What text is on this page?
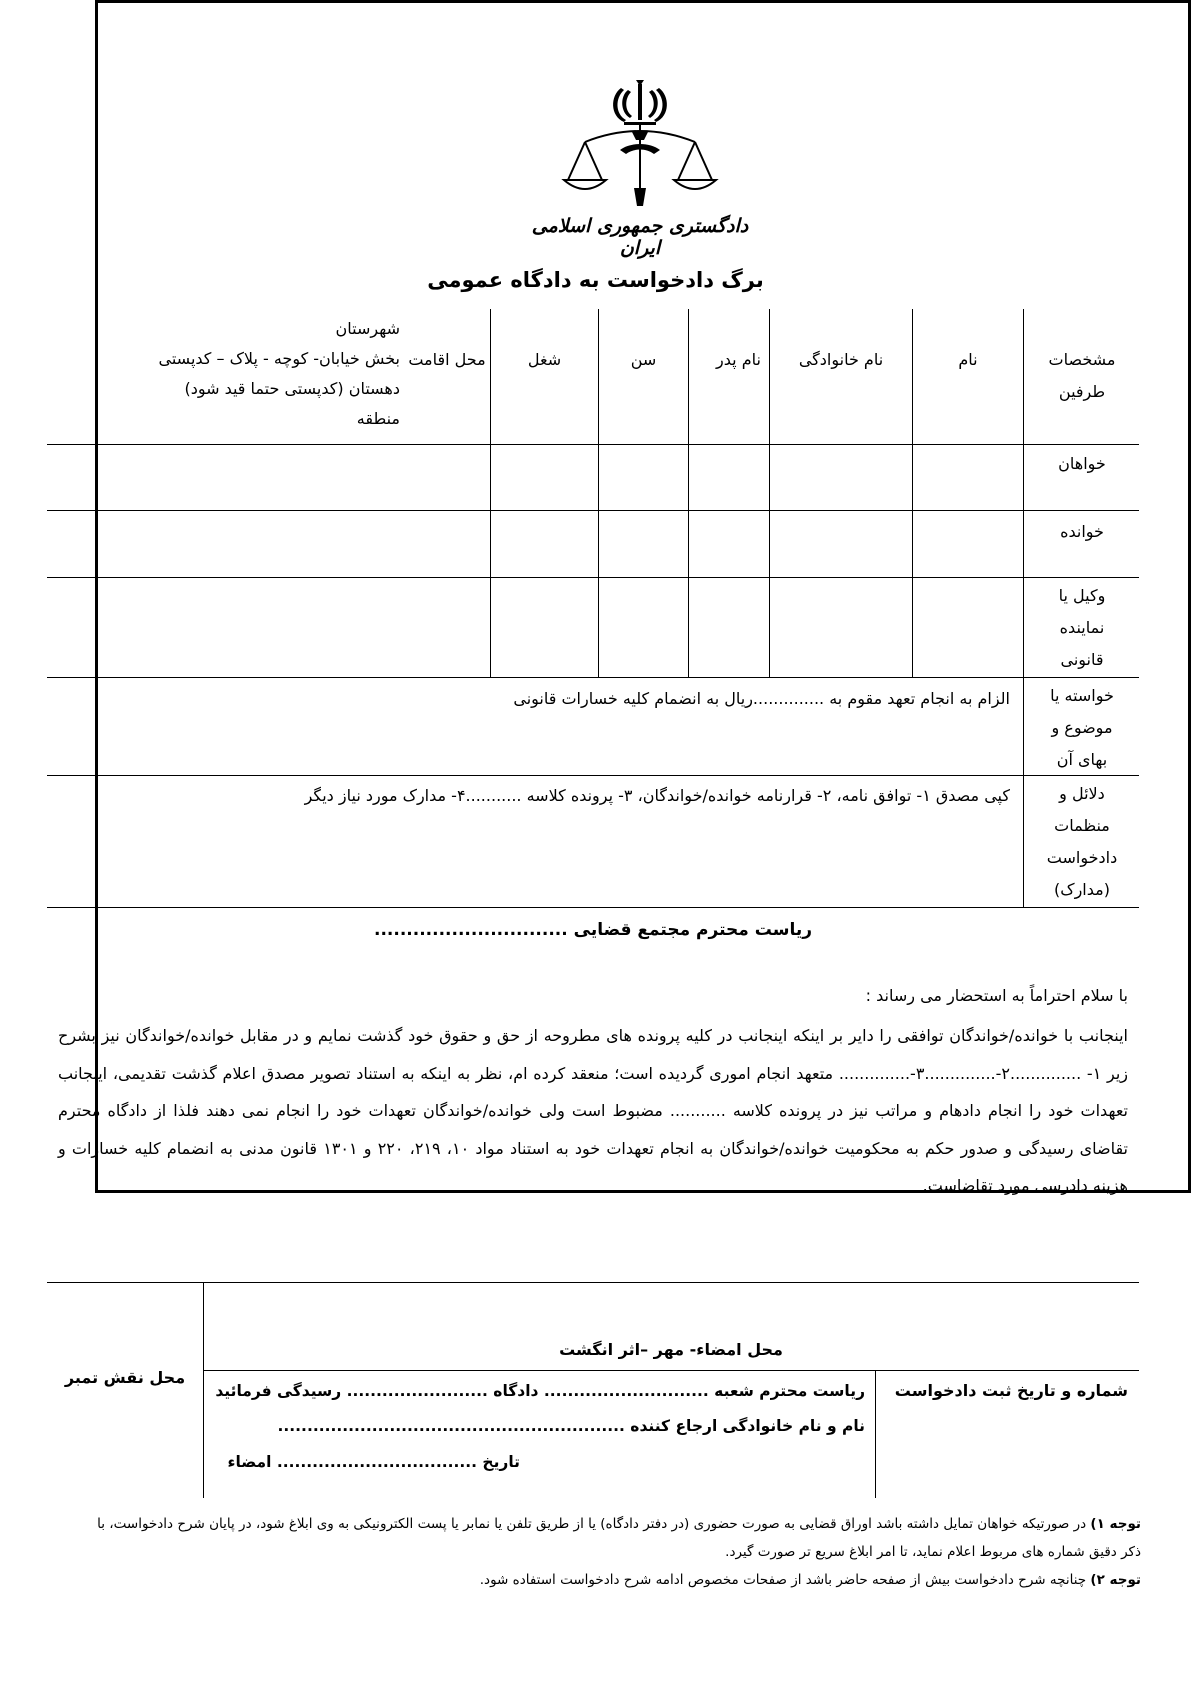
دادگستری جمهوری اسلامی ایران
برگ دادخواست به دادگاه عمومی
مشخصات
طرفین
نام
نام خانوادگی
نام پدر
سن
شغل
محل اقامت
شهرستان
بخش خیابان- کوچه - پلاک – کدپستی
دهستان (کدپستی حتما قید شود)
منطقه
خواهان
خوانده
وکیل یا
نماینده
قانونی
خواسته یا
موضوع و
بهای آن
الزام به انجام تعهد مقوم به ..............ریال به انضمام کلیه خسارات قانونی
دلائل و
منظمات
دادخواست
(مدارک)
کپی مصدق ۱- توافق نامه، ۲- قرارنامه خوانده/خواندگان، ۳- پرونده کلاسه ...........۴- مدارک مورد نیاز دیگر
ریاست محترم مجتمع قضایی ..............................
با سلام احتراماً به استحضار می رساند :
اینجانب با خوانده/خواندگان توافقی را دایر بر اینکه اینجانب در کلیه پرونده های مطروحه از حق و حقوق خود گذشت نمایم و در مقابل خوانده/خواندگان نیز بشرح زیر ۱- ..............۲-..............۳-.............. متعهد انجام اموری گردیده است؛ منعقد کرده ام، نظر به اینکه به استناد تصویر مصدق اعلام گذشت تقدیمی، اینجانب تعهدات خود را انجام دادهام و مراتب نیز در پرونده کلاسه ........... مضبوط است ولی خوانده/خواندگان تعهدات خود را انجام نمی دهند فلذا از دادگاه محترم تقاضای رسیدگی و صدور حکم به محکومیت خوانده/خواندگان به انجام تعهدات خود به استناد مواد ۱۰، ۲۱۹، ۲۲۰ و ۱۳۰۱ قانون مدنی به انضمام کلیه خسارات و هزینه دادرسی مورد تقاضاست.
محل نقش تمبر
محل امضاء- مهر –اثر انگشت
شماره و تاریخ ثبت دادخواست
ریاست محترم شعبه ............................ دادگاه ........................ رسیدگی فرمائید
نام و نام خانوادگی ارجاع کننده ...........................................................
تاریخ .................................. امضاء
توجه ۱) در صورتیکه خواهان تمایل داشته باشد اوراق قضایی به صورت حضوری (در دفتر دادگاه) یا از طریق تلفن یا نمابر یا پست الکترونیکی به وی ابلاغ شود، در پایان شرح دادخواست، با ذکر دقیق شماره های مربوط اعلام نماید، تا امر ابلاغ سریع تر صورت گیرد.
توجه ۲) چنانچه شرح دادخواست بیش از صفحه حاضر باشد از صفحات مخصوص ادامه شرح دادخواست استفاده شود.
